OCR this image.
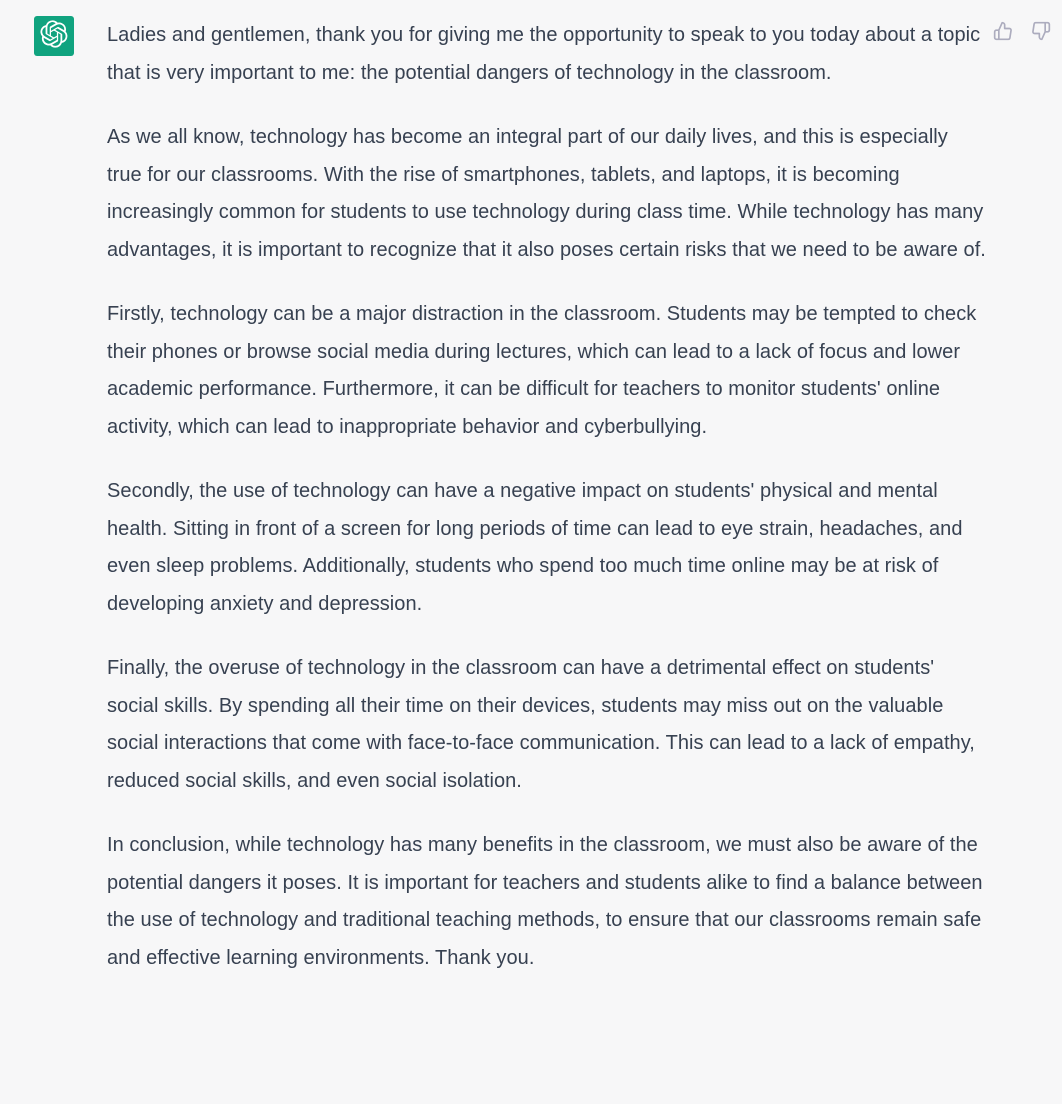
Ladies and gentlemen, thank you for giving me the opportunity to speak to you today about a topic that is very important to me: the potential dangers of technology in the classroom.

As we all know, technology has become an integral part of our daily lives, and this is especially true for our classrooms. With the rise of smartphones, tablets, and laptops, it is becoming increasingly common for students to use technology during class time. While technology has many advantages, it is important to recognize that it also poses certain risks that we need to be aware of.

Firstly, technology can be a major distraction in the classroom. Students may be tempted to check their phones or browse social media during lectures, which can lead to a lack of focus and lower academic performance. Furthermore, it can be difficult for teachers to monitor students' online activity, which can lead to inappropriate behavior and cyberbullying.

Secondly, the use of technology can have a negative impact on students' physical and mental health. Sitting in front of a screen for long periods of time can lead to eye strain, headaches, and even sleep problems. Additionally, students who spend too much time online may be at risk of developing anxiety and depression.

Finally, the overuse of technology in the classroom can have a detrimental effect on students' social skills. By spending all their time on their devices, students may miss out on the valuable social interactions that come with face-to-face communication. This can lead to a lack of empathy, reduced social skills, and even social isolation.

In conclusion, while technology has many benefits in the classroom, we must also be aware of the potential dangers it poses. It is important for teachers and students alike to find a balance between the use of technology and traditional teaching methods, to ensure that our classrooms remain safe and effective learning environments. Thank you.
